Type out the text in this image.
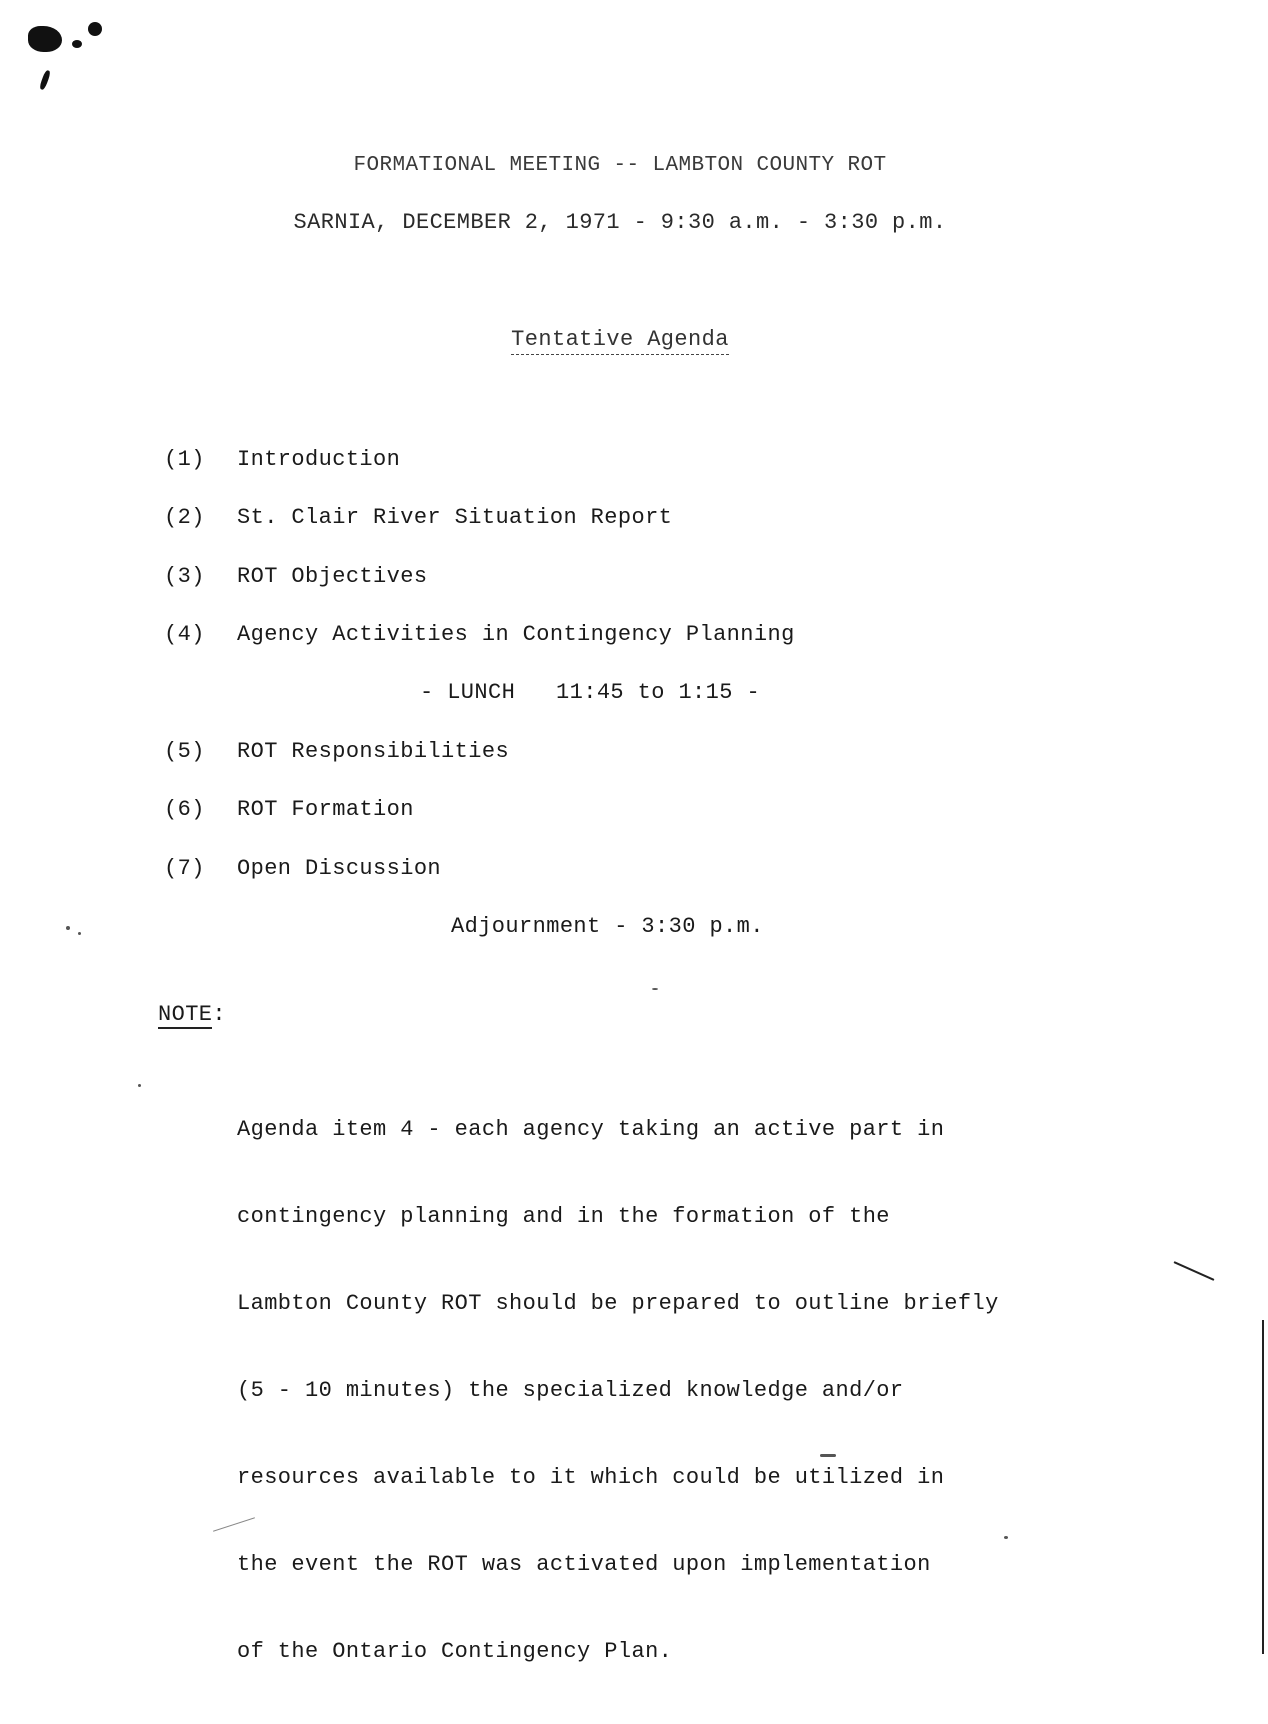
FORMATIONAL MEETING -- LAMBTON COUNTY ROT
SARNIA, DECEMBER 2, 1971 - 9:30 a.m. - 3:30 p.m.
Tentative Agenda
(1) Introduction
(2) St. Clair River Situation Report
(3) ROT Objectives
(4) Agency Activities in Contingency Planning
- LUNCH   11:45 to 1:15 -
(5) ROT Responsibilities
(6) ROT Formation
(7) Open Discussion
Adjournment - 3:30 p.m.
NOTE:

Agenda item 4 - each agency taking an active part in

contingency planning and in the formation of the

Lambton County ROT should be prepared to outline briefly

(5 - 10 minutes) the specialized knowledge and/or

resources available to it which could be utilized in

the event the ROT was activated upon implementation

of the Ontario Contingency Plan.
